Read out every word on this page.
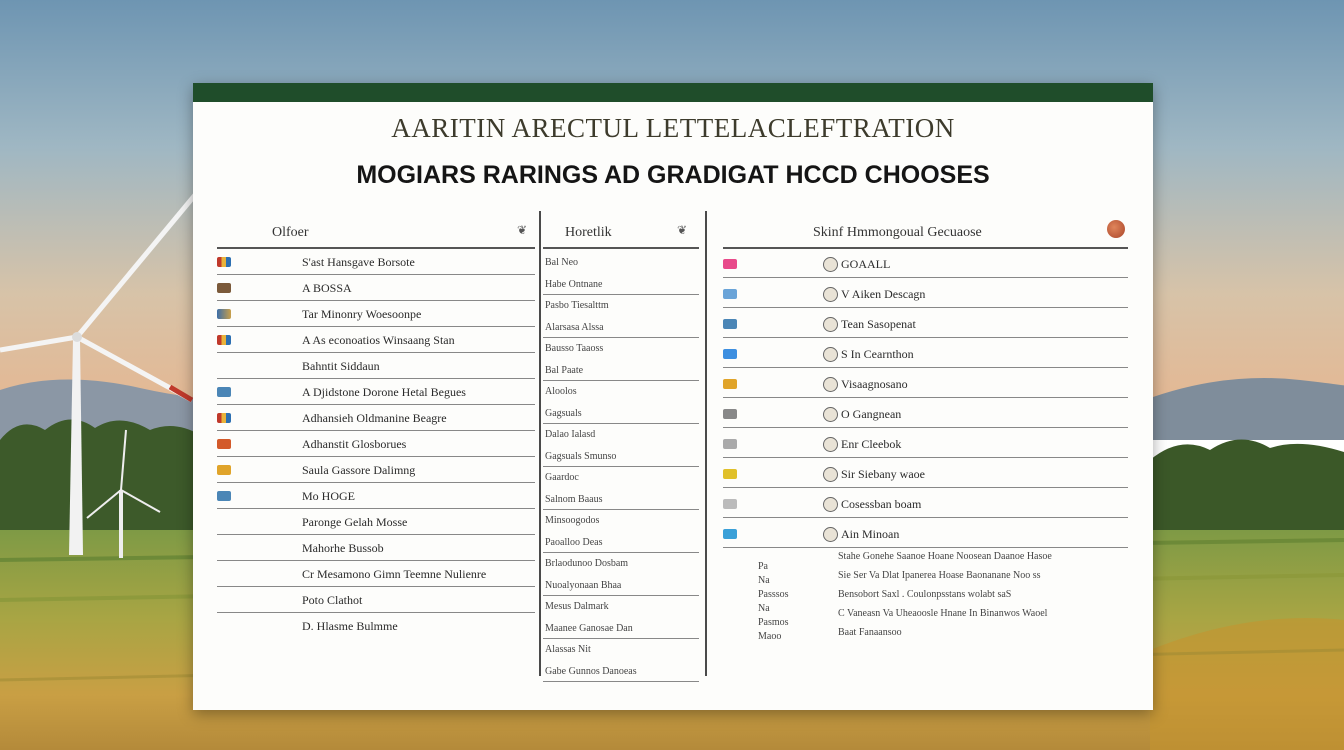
AARITIN ARECTUL LETTELACLEFTRATION
MOGIARS RARINGS AD GRADIGAT HCCD CHOOSES
Olfoer	❦
S'ast Hansgave Borsote
A BOSSA
Tar Minonry Woesoonpe
A As econoatios Winsaang Stan
Bahntit Siddaun
A Djidstone Dorone Hetal Begues
Adhansieh Oldmanine Beagre
Adhanstit Glosborues
Saula Gassore Dalimng
Mo HOGE
Paronge Gelah Mosse
Mahorhe Bussob
Cr Mesamono Gimn Teemne Nulienre
Poto Clathot
D. Hlasme Bulmme
Horetlik	❦
Bal Neo
Habe Ontnane
Pasbo Tiesalttm
Alarsasa Alssa
Bausso Taaoss
Bal Paate
Aloolos
Gagsuals
Dalao Ialasd
Gagsuals Smunso
Gaardoc
Salnom Baaus
Minsoogodos
Paoalloo Deas
Brlaodunoo Dosbam
Nuoalyonaan Bhaa
Mesus Dalmark
Maanee Ganosae Dan
Alassas Nit
Gabe Gunnos Danoeas
Skinf Hmmongoual Gecuaose
GOAALL
V Aiken Descagn
Tean Sasopenat
S In Cearnthon
Visaagnosano
O Gangnean
Enr Cleebok
Sir Siebany waoe
Cosessban boam
Ain Minoan
Pa
Na
Passsos
Na
Pasmos
Maoo
Stahe Gonehe Saanoe Hoane Noosean Daanoe Hasoe
Sie Ser Va Dlat Ipanerea Hoase Baonanane Noo ss
Bensobort Saxl . Coulonpsstans wolabt saS
C Vaneasn Va Uheaoosle Hnane In Binanwos Waoel
Baat Fanaansoo
